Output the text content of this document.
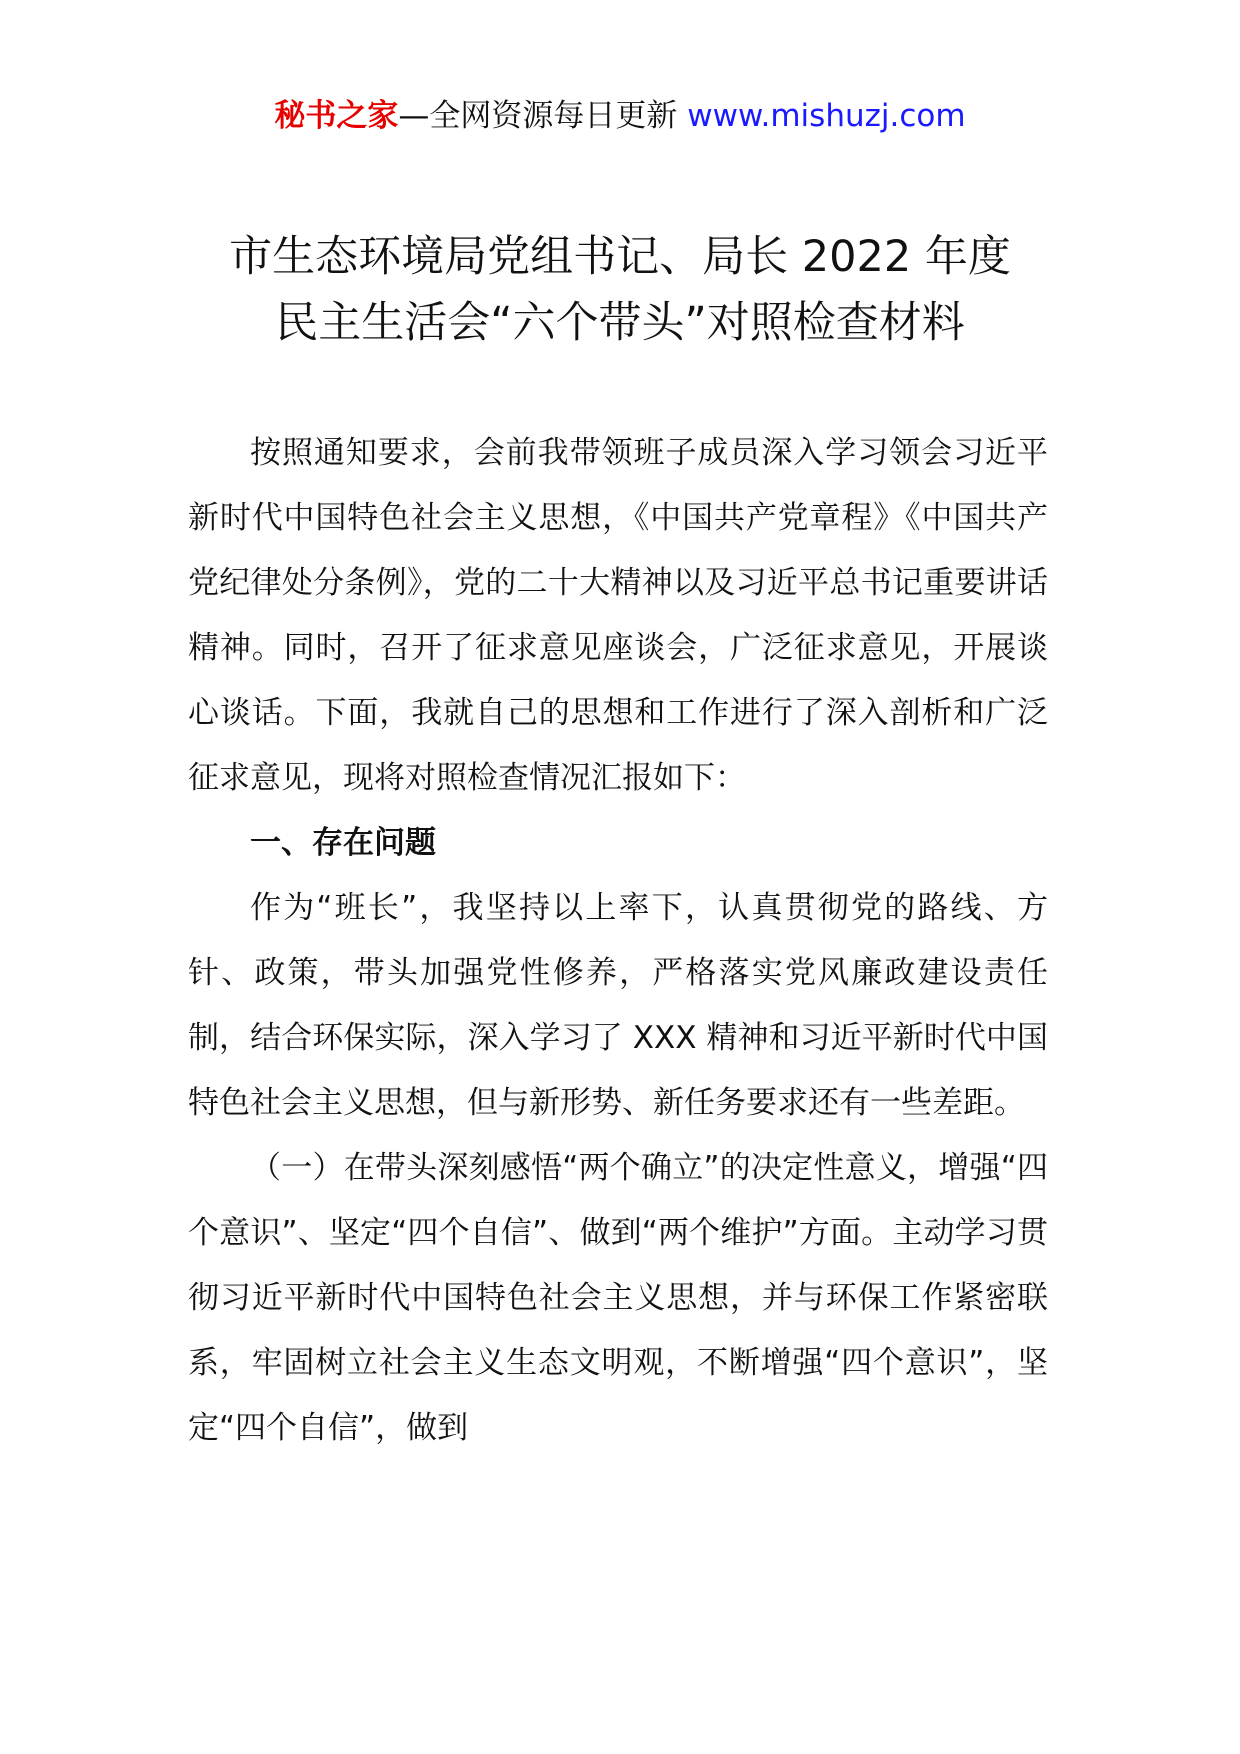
秘书之家—全网资源每日更新 www.mishuzj.com
市生态环境局党组书记、局长 2022 年度
民主生活会“六个带头”对照检查材料

按照通知要求，会前我带领班子成员深入学习领会习近平新时代中国特色社会主义思想，《中国共产党章程》《中国共产党纪律处分条例》，党的二十大精神以及习近平总书记重要讲话精神。同时，召开了征求意见座谈会，广泛征求意见，开展谈心谈话。下面，我就自己的思想和工作进行了深入剖析和广泛征求意见，现将对照检查情况汇报如下：

一、存在问题

作为“班长”，我坚持以上率下，认真贯彻党的路线、方针、政策，带头加强党性修养，严格落实党风廉政建设责任制，结合环保实际，深入学习了 XXX 精神和习近平新时代中国特色社会主义思想，但与新形势、新任务要求还有一些差距。

（一）在带头深刻感悟“两个确立”的决定性意义，增强“四个意识”、坚定“四个自信”、做到“两个维护”方面。主动学习贯彻习近平新时代中国特色社会主义思想，并与环保工作紧密联系，牢固树立社会主义生态文明观，不断增强“四个意识”，坚定“四个自信”，做到
